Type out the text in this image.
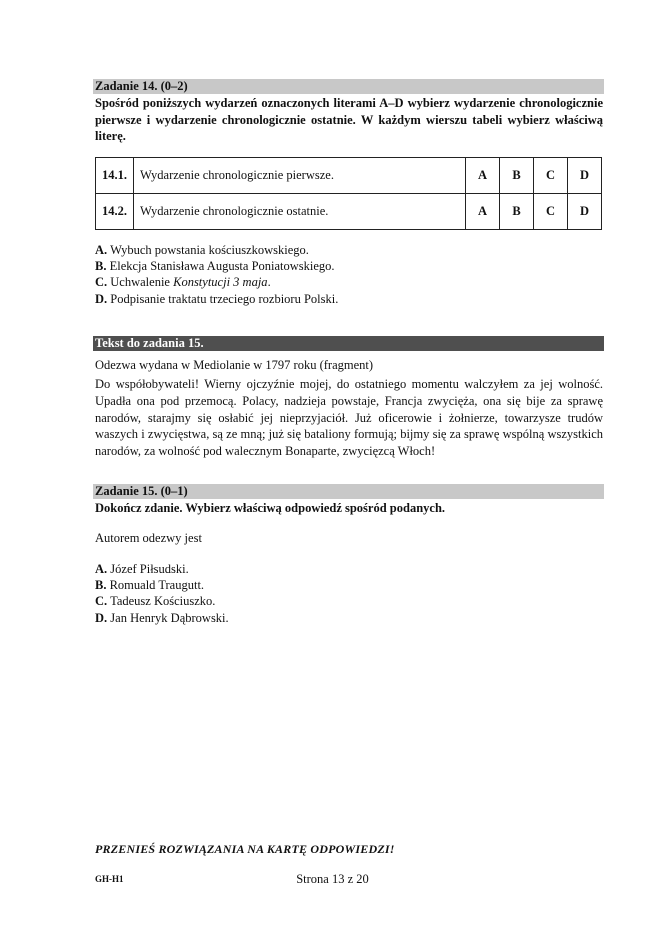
Zadanie 14. (0–2)
Spośród poniższych wydarzeń oznaczonych literami A–D wybierz wydarzenie chronologicznie pierwsze i wydarzenie chronologicznie ostatnie. W każdym wierszu tabeli wybierz właściwą literę.
14.1.	Wydarzenie chronologicznie pierwsze.	A	B	C	D
14.2.	Wydarzenie chronologicznie ostatnie.	A	B	C	D
A. Wybuch powstania kościuszkowskiego.
B. Elekcja Stanisława Augusta Poniatowskiego.
C. Uchwalenie Konstytucji 3 maja.
D. Podpisanie traktatu trzeciego rozbioru Polski.
Tekst do zadania 15.
Odezwa wydana w Mediolanie w 1797 roku (fragment)
Do współobywateli! Wierny ojczyźnie mojej, do ostatniego momentu walczyłem za jej wolność. Upadła ona pod przemocą. Polacy, nadzieja powstaje, Francja zwycięża, ona się bije za sprawę narodów, starajmy się osłabić jej nieprzyjaciół. Już oficerowie i żołnierze, towarzysze trudów waszych i zwycięstwa, są ze mną; już się bataliony formują; bijmy się za sprawę wspólną wszystkich narodów, za wolność pod walecznym Bonaparte, zwycięzcą Włoch!
Zadanie 15. (0–1)
Dokończ zdanie. Wybierz właściwą odpowiedź spośród podanych.
Autorem odezwy jest
A. Józef Piłsudski.
B. Romuald Traugutt.
C. Tadeusz Kościuszko.
D. Jan Henryk Dąbrowski.
PRZENIEŚ ROZWIĄZANIA NA KARTĘ ODPOWIEDZI!
GH-H1	Strona 13 z 20
